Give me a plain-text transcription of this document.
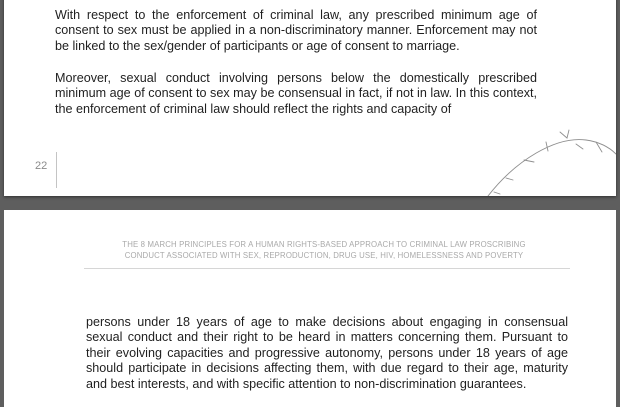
With respect to the enforcement of criminal law, any prescribed minimum age of consent to sex must be applied in a non-discriminatory manner. Enforcement may not be linked to the sex/gender of participants or age of consent to marriage.

Moreover, sexual conduct involving persons below the domestically prescribed minimum age of consent to sex may be consensual in fact, if not in law. In this context, the enforcement of criminal law should reflect the rights and capacity of

22
THE 8 MARCH PRINCIPLES FOR A HUMAN RIGHTS-BASED APPROACH TO CRIMINAL LAW PROSCRIBING
CONDUCT ASSOCIATED WITH SEX, REPRODUCTION, DRUG USE, HIV, HOMELESSNESS AND POVERTY

persons under 18 years of age to make decisions about engaging in consensual sexual conduct and their right to be heard in matters concerning them. Pursuant to their evolving capacities and progressive autonomy, persons under 18 years of age should participate in decisions affecting them, with due regard to their age, maturity and best interests, and with specific attention to non-discrimination guarantees.
